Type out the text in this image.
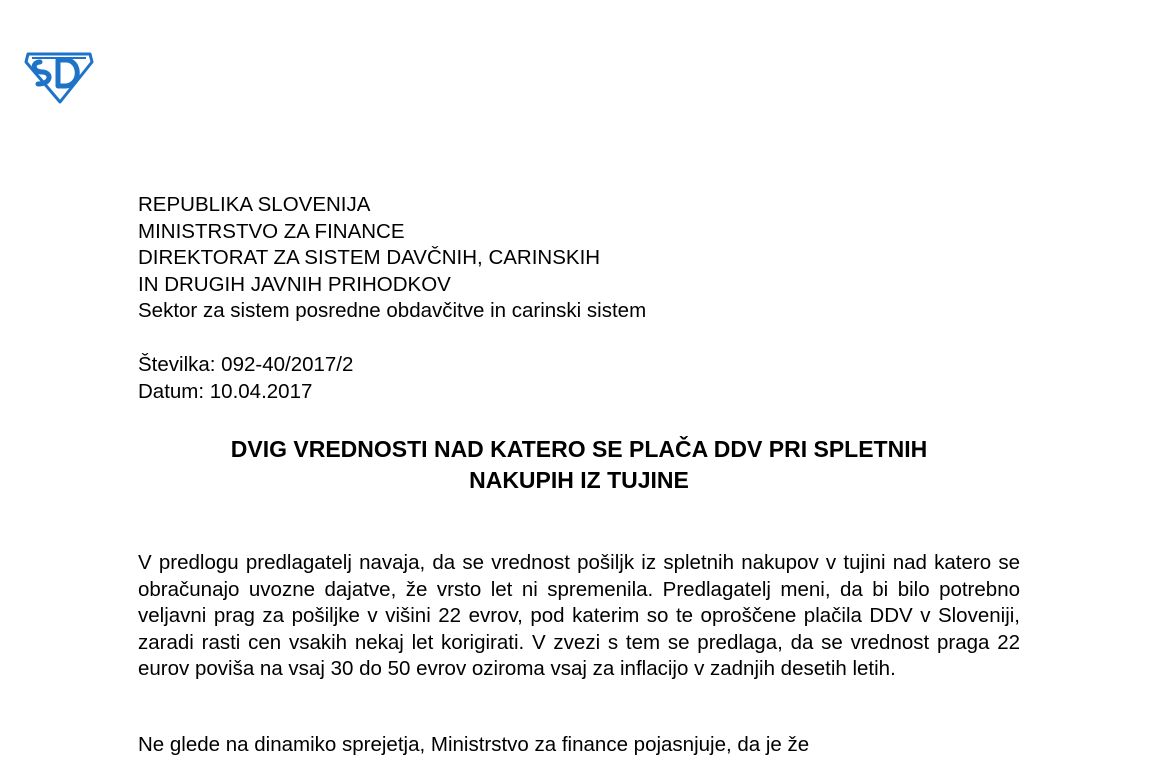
REPUBLIKA SLOVENIJA
MINISTRSTVO ZA FINANCE
DIREKTORAT ZA SISTEM DAVČNIH, CARINSKIH
IN DRUGIH JAVNIH PRIHODKOV
Sektor za sistem posredne obdavčitve in carinski sistem
Številka: 092-40/2017/2
Datum: 10.04.2017
DVIG VREDNOSTI NAD KATERO SE PLAČA DDV PRI SPLETNIH
NAKUPIH IZ TUJINE

V predlogu predlagatelj navaja, da se vrednost pošiljk iz spletnih nakupov v tujini nad katero se obračunajo uvozne dajatve, že vrsto let ni spremenila. Predlagatelj meni, da bi bilo potrebno veljavni prag za pošiljke v višini 22 evrov, pod katerim so te oproščene plačila DDV v Sloveniji, zaradi rasti cen vsakih nekaj let korigirati. V zvezi s tem se predlaga, da se vrednost praga 22 eurov poviša na vsaj 30 do 50 evrov oziroma vsaj za inflacijo v zadnjih desetih letih.

Ne glede na dinamiko sprejetja, Ministrstvo za finance pojasnjuje, da je že
